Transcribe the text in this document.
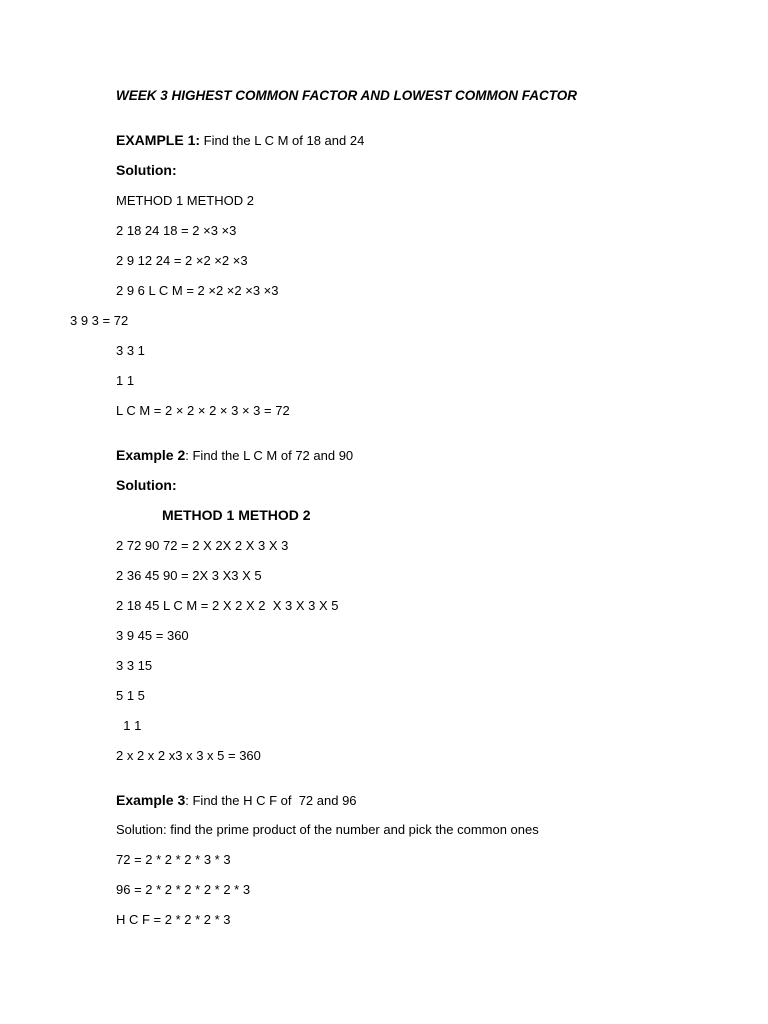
WEEK 3 HIGHEST COMMON FACTOR AND LOWEST COMMON FACTOR
EXAMPLE 1: Find the L C M of 18 and 24
Solution:
METHOD 1 METHOD 2
2 18 24 18 = 2 ×3 ×3
2 9 12 24 = 2 ×2 ×2 ×3
2 9 6 L C M = 2 ×2 ×2 ×3 ×3
3 9 3 = 72
3 3 1
1 1
L C M = 2 × 2 × 2 × 3 × 3 = 72
Example 2: Find the L C M of 72 and 90
Solution:
METHOD 1 METHOD 2
2 72 90 72 = 2 X 2X 2 X 3 X 3
2 36 45 90 = 2X 3 X3 X 5
2 18 45 L C M = 2 X 2 X 2  X 3 X 3 X 5
3 9 45 = 360
3 3 15
5 1 5
1 1
2 x 2 x 2 x3 x 3 x 5 = 360
Example 3: Find the H C F of  72 and 96
Solution: find the prime product of the number and pick the common ones
72 = 2 * 2 * 2 * 3 * 3
96 = 2 * 2 * 2 * 2 * 2 * 3
H C F = 2 * 2 * 2 * 3
